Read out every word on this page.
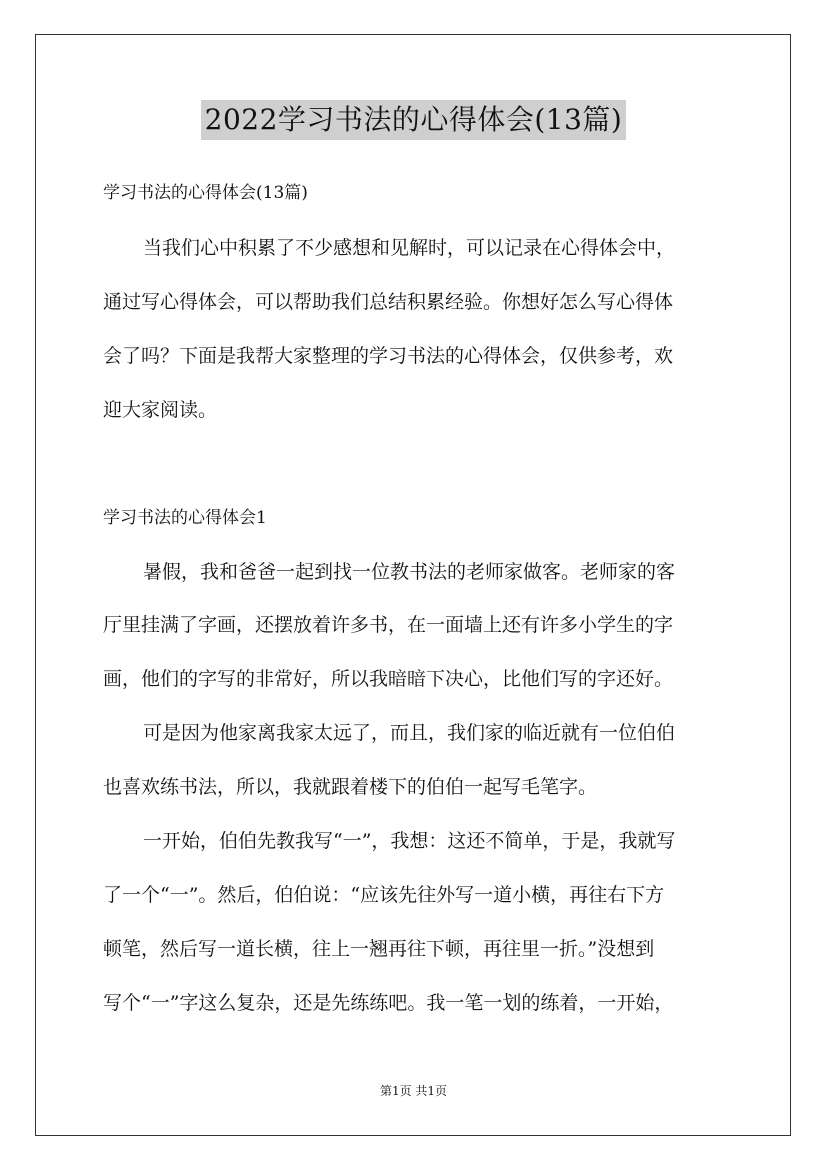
2022学习书法的心得体会(13篇)
学习书法的心得体会(13篇)
当我们心中积累了不少感想和见解时，可以记录在心得体会中，
通过写心得体会，可以帮助我们总结积累经验。你想好怎么写心得体
会了吗？下面是我帮大家整理的学习书法的心得体会，仅供参考，欢
迎大家阅读。
学习书法的心得体会1
暑假，我和爸爸一起到找一位教书法的老师家做客。老师家的客
厅里挂满了字画，还摆放着许多书，在一面墙上还有许多小学生的字
画，他们的字写的非常好，所以我暗暗下决心，比他们写的字还好。
可是因为他家离我家太远了，而且，我们家的临近就有一位伯伯
也喜欢练书法，所以，我就跟着楼下的伯伯一起写毛笔字。
一开始，伯伯先教我写“一”，我想：这还不简单，于是，我就写
了一个“一”。然后，伯伯说：“应该先往外写一道小横，再往右下方
顿笔，然后写一道长横，往上一翘再往下顿，再往里一折。”没想到
写个“一”字这么复杂，还是先练练吧。我一笔一划的练着，一开始，
第1页 共1页
